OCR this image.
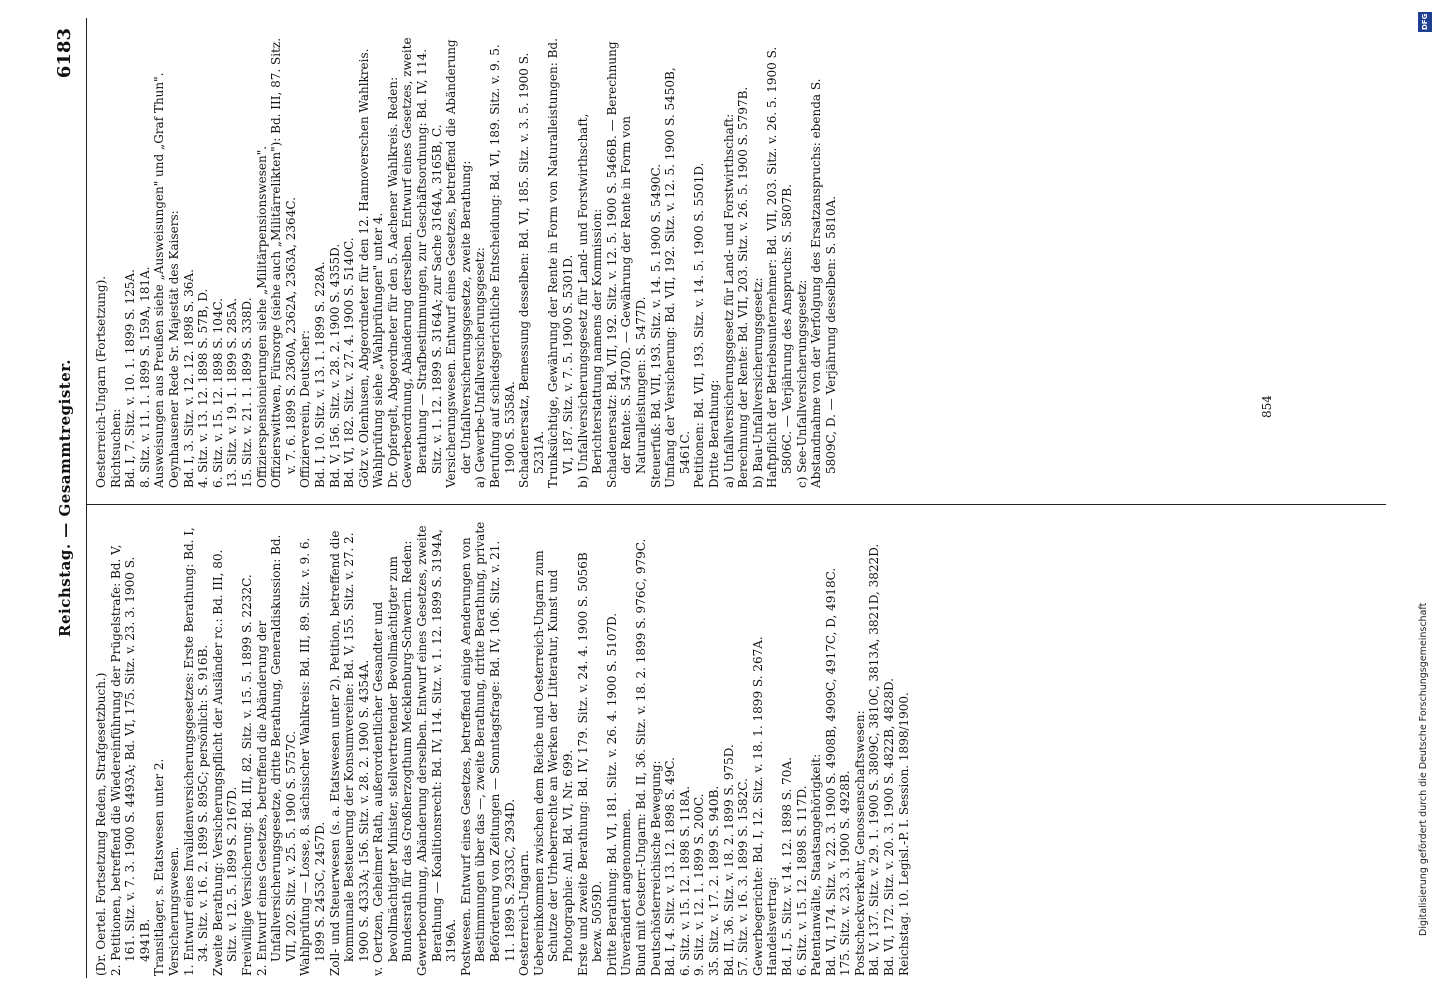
Reichstag. — Gesammtregister.
6183

(Dr. Oertel. Fortsetzung Reden, Strafgesetzbuch.) 2. Petitionen, betreffend die Wiedereinführung der Prügelstrafe: Bd. V, 161. Sitz. v. 7. 3. 1900 S. 4493A; Bd. VI, 175. Sitz. v. 23. 3. 1900 S. 4941B. Transitlager, s. Etatswesen unter 2. Versicherungswesen. 1. Entwurf eines Invalidenversicherungsgesetzes: Erste Berathung: Bd. I, 34. Sitz. v. 16. 2. 1899 S. 895C; persönlich: S. 916B. Zweite Berathung: Versicherungspflicht der Ausländer rc.: Bd. III, 80. Sitz. v. 12. 5. 1899 S. 2167D. Freiwillige Versicherung: Bd. III, 82. Sitz. v. 15. 5. 1899 S. 2232C. 2. Entwurf eines Gesetzes, betreffend die Abänderung der Unfallversicherungsgesetze, dritte Berathung, Generaldiskussion: Bd. VII, 202. Sitz. v. 25. 5. 1900 S. 5757C. Wahlprüfung — Losse, 8. sächsischer Wahlkreis: Bd. III, 89. Sitz. v. 9. 6. 1899 S. 2453C, 2457D. Zoll- und Steuerwesen (s. a. Etatswesen unter 2). Petition, betreffend die kommunale Besteuerung der Konsumvereine: Bd. V, 155. Sitz. v. 27. 2. 1900 S. 4333A; 156. Sitz. v. 28. 2. 1900 S. 4354A. v. Oertzen, Geheimer Rath, außerordentlicher Gesandter und bevollmächtigter Minister, stellvertretender Bevollmächtigter zum Bundesrath für das Großherzogthum Mecklenburg-Schwerin. Reden: Gewerbeordnung, Abänderung derselben. Entwurf eines Gesetzes, zweite Berathung — Koalitionsrecht: Bd. IV, 114. Sitz. v. 1. 12. 1899 S. 3194A, 3196A. Postwesen. Entwurf eines Gesetzes, betreffend einige Aenderungen von Bestimmungen über das —, zweite Berathung, dritte Berathung, private Beförderung von Zeitungen — Sonntagsfrage: Bd. IV, 106. Sitz. v. 21. 11. 1899 S. 2933C, 2934D. Oesterreich-Ungarn. Uebereinkommen zwischen dem Reiche und Oesterreich-Ungarn zum Schutze der Urheberrechte an Werken der Litteratur, Kunst und Photographie: Anl. Bd. VI, Nr. 699. Erste und zweite Berathung: Bd. IV, 179. Sitz. v. 24. 4. 1900 S. 5056B bezw. 5059D. Dritte Berathung: Bd. VI, 181. Sitz. v. 26. 4. 1900 S. 5107D. Unverändert angenommen. Bund mit Oesterr.-Ungarn: Bd. II, 36. Sitz. v. 18. 2. 1899 S. 976C, 979C. Deutschösterreichische Bewegung: Bd. I, 4. Sitz. v. 13. 12. 1898 S. 49C. 6. Sitz. v. 15. 12. 1898 S. 118A. 9. Sitz. v. 12. 1. 1899 S. 200C. 35. Sitz. v. 17. 2. 1899 S. 940B. Bd. II, 36. Sitz. v. 18. 2. 1899 S. 975D. 57. Sitz. v. 16. 3. 1899 S. 1582C. Gewerbegerichte: Bd. I, 12. Sitz. v. 18. 1. 1899 S. 267A. Handelsvertrag: Bd. I, 5. Sitz. v. 14. 12. 1898 S. 70A. 6. Sitz. v. 15. 12. 1898 S. 117D. Patentanwälte, Staatsangehörigkeit: Bd. VI, 174. Sitz. v. 22. 3. 1900 S. 4908B, 4909C, 4917C, D, 4918C. 175. Sitz. v. 23. 3. 1900 S. 4928B. Postscheckverkehr, Genossenschaftswesen: Bd. V, 137. Sitz. v. 29. 1. 1900 S. 3809C, 3810C, 3813A, 3821D, 3822D. Bd. VI, 172. Sitz. v. 20. 3. 1900 S. 4822B, 4828D. Reichstag. 10. Legisl.-P. I. Session. 1898/1900.

Oesterreich-Ungarn (Fortsetzung). Richtsuchen: Bd. I, 7. Sitz. v. 10. 1. 1899 S. 125A. 8. Sitz. v. 11. 1. 1899 S. 159A, 181A. Ausweisungen aus Preußen siehe „Ausweisungen" und „Graf Thun". Oeynhausener Rede Sr. Majestät des Kaisers: Bd. I, 3. Sitz. v. 12. 12. 1898 S. 36A. 4. Sitz. v. 13. 12. 1898 S. 57B, D. 6. Sitz. v. 15. 12. 1898 S. 104C. 13. Sitz. v. 19. 1. 1899 S. 285A. 15. Sitz. v. 21. 1. 1899 S. 338D. Offizierspensionierungen siehe „Militärpensionswesen". Offizierswittwen, Fürsorge (siehe auch „Militärrelikten"): Bd. III, 87. Sitz. v. 7. 6. 1899 S. 2360A, 2362A, 2363A, 2364C. Offizierverein, Deutscher: Bd. I, 10. Sitz. v. 13. 1. 1899 S. 228A. Bd. V, 156. Sitz. v. 28. 2. 1900 S. 4355D. Bd. VI, 182. Sitz. v. 27. 4. 1900 S. 5140C. Götz v. Olenhusen, Abgeordneter für den 12. Hannoverschen Wahlkreis. Wahlprüfung siehe „Wahlprüfungen" unter 4. Dr. Opfergelt, Abgeordneter für den 5. Aachener Wahlkreis. Reden: Gewerbeordnung, Abänderung derselben. Entwurf eines Gesetzes, zweite Berathung — Strafbestimmungen, zur Geschäftsordnung: Bd. IV, 114. Sitz. v. 1. 12. 1899 S. 3164A; zur Sache 3164A, 3165B, C. Versicherungswesen. Entwurf eines Gesetzes, betreffend die Abänderung der Unfallversicherungsgesetze, zweite Berathung: a) Gewerbe-Unfallversicherungsgesetz: Berufung auf schiedsgerichtliche Entscheidung: Bd. VI, 189. Sitz. v. 9. 5. 1900 S. 5358A. Schadenersatz, Bemessung desselben: Bd. VI, 185. Sitz. v. 3. 5. 1900 S. 5231A. Trunksüchtige, Gewährung der Rente in Form von Naturalleistungen: Bd. VI, 187. Sitz. v. 7. 5. 1900 S. 5301D. b) Unfallversicherungsgesetz für Land- und Forstwirthschaft, Berichterstattung namens der Kommission: Schadenersatz: Bd. VII, 192. Sitz. v. 12. 5. 1900 S. 5466B. — Berechnung der Rente: S. 5470D. — Gewährung der Rente in Form von Naturalleistungen: S. 5477D. Steuerfuß: Bd. VII, 193. Sitz. v. 14. 5. 1900 S. 5490C. Umfang der Versicherung: Bd. VII, 192. Sitz. v. 12. 5. 1900 S. 5450B, 5461C. Petitionen: Bd. VII, 193. Sitz. v. 14. 5. 1900 S. 5501D. Dritte Berathung: a) Unfallversicherungsgesetz für Land- und Forstwirthschaft: Berechnung der Rente: Bd. VII, 203. Sitz. v. 26. 5. 1900 S. 5797B. b) Bau-Unfallversicherungsgesetz: Haftpflicht der Betriebsunternehmer: Bd. VII, 203. Sitz. v. 26. 5. 1900 S. 5806C. — Verjährung des Anspruchs: S. 5807B. c) See-Unfallversicherungsgesetz: Abstandnahme von der Verfolgung des Ersatzanspruchs: ebenda S. 5809C, D. — Verjährung desselben: S. 5810A.	854
DFG
Digitalisierung gefördert durch die Deutsche Forschungsgemeinschaft
